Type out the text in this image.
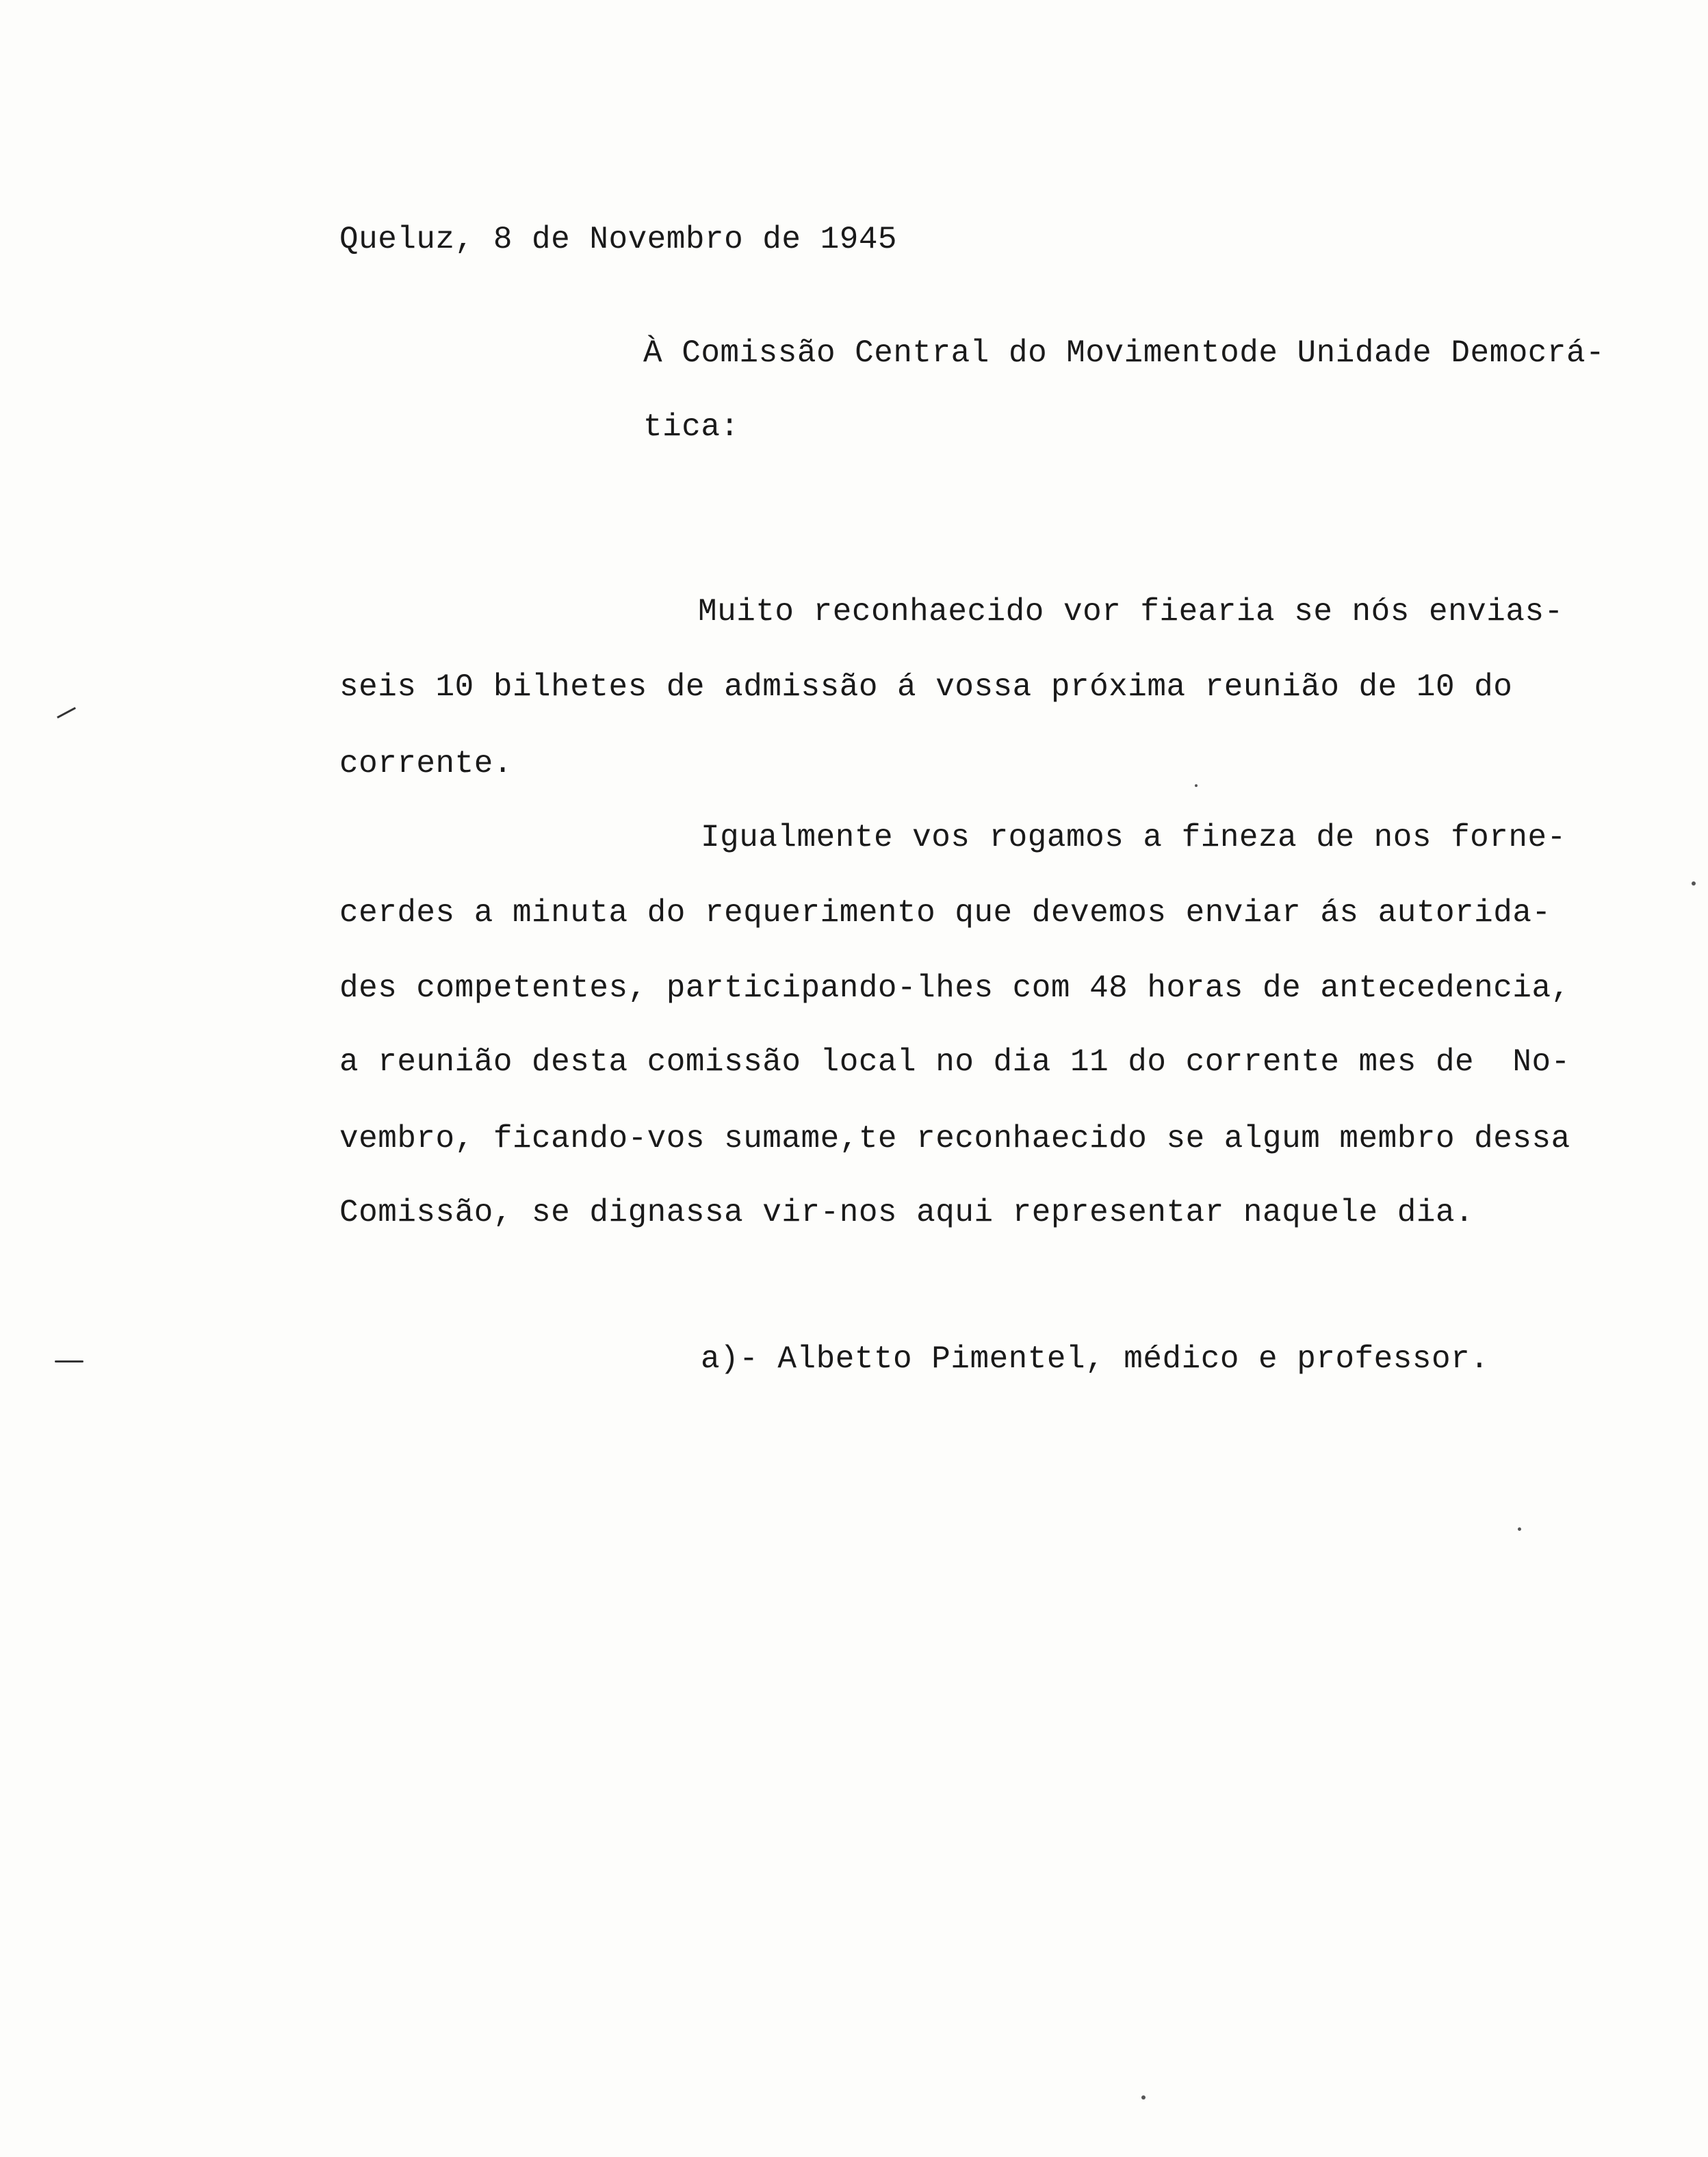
Queluz, 8 de Novembro de 1945
À Comissão Central do Movimentode Unidade Democrá-
tica:
Muito reconhaecido vor fiearia se nós envias-
seis 10 bilhetes de admissão á vossa próxima reunião de 10 do
corrente.
Igualmente vos rogamos a fineza de nos forne-
cerdes a minuta do requerimento que devemos enviar ás autorida-
des competentes, participando-lhes com 48 horas de antecedencia,
a reunião desta comissão local no dia 11 do corrente mes de  No-
vembro, ficando-vos sumame,te reconhaecido se algum membro dessa
Comissão, se dignassa vir-nos aqui representar naquele dia.
a)- Albetto Pimentel, médico e professor.
